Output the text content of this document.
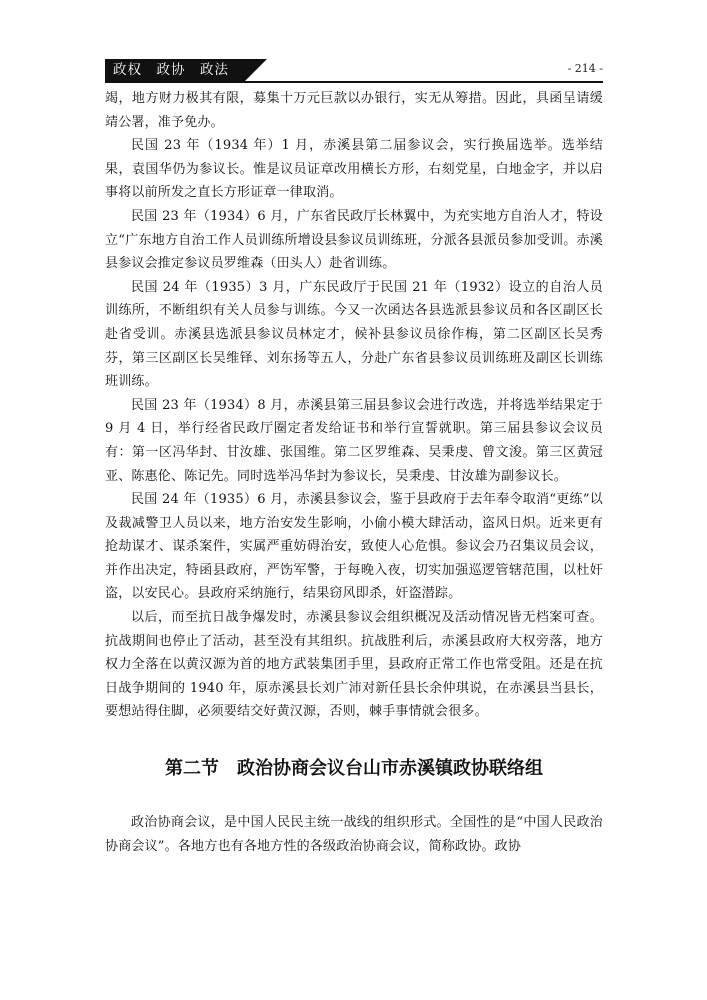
政权　政协　政法	- 214 -

竭，地方财力极其有限，募集十万元巨款以办银行，实无从筹措。因此，具函呈请缓靖公署，准予免办。

民国 23 年（1934 年）1 月，赤溪县第二届参议会，实行换届选举。选举结果，袁国华仍为参议长。惟是议员证章改用横长方形，右刻党星，白地金字，并以启事将以前所发之直长方形证章一律取消。

民国 23 年（1934）6 月，广东省民政厅长林翼中，为充实地方自治人才，特设立“广东地方自治工作人员训练所增设县参议员训练班，分派各县派员参加受训。赤溪县参议会推定参议员罗维森（田头人）赴省训练。

民国 24 年（1935）3 月，广东民政厅于民国 21 年（1932）设立的自治人员训练所，不断组织有关人员参与训练。今又一次函达各县选派县参议员和各区副区长赴省受训。赤溪县选派县参议员林定才，候补县参议员徐作梅，第二区副区长吴秀芬，第三区副区长吴维铎、刘东扬等五人，分赴广东省县参议员训练班及副区长训练班训练。

民国 23 年（1934）8 月，赤溪县第三届县参议会进行改选，并将选举结果定于 9 月 4 日，举行经省民政厅圈定者发给证书和举行宣誓就职。第三届县参议会议员有：第一区冯华封、甘汝雄、张国维。第二区罗维森、吴秉虔、曾文浚。第三区黄冠亚、陈惠伦、陈记先。同时选举冯华封为参议长，吴秉虔、甘汝雄为副参议长。

民国 24 年（1935）6 月，赤溪县参议会，鉴于县政府于去年奉令取消“更练”以及裁减警卫人员以来，地方治安发生影响，小偷小模大肆活动，盗风日炽。近来更有抢劫谋才、谋杀案件，实属严重妨碍治安，致使人心危惧。参议会乃召集议员会议，并作出决定，特函县政府，严饬军警，于每晚入夜，切实加强巡逻管辖范围，以杜奸盗，以安民心。县政府采纳施行，结果窃风即杀，奸盗潜踪。

以后，而至抗日战争爆发时，赤溪县参议会组织概况及活动情况皆无档案可查。抗战期间也停止了活动，甚至没有其组织。抗战胜利后，赤溪县政府大权旁落，地方权力全落在以黄汉源为首的地方武装集团手里，县政府正常工作也常受阻。还是在抗日战争期间的 1940 年，原赤溪县长刘广沛对新任县长余仲琪说，在赤溪县当县长，要想站得住脚，必须要结交好黄汉源，否则，棘手事情就会很多。

第二节　政治协商会议台山市赤溪镇政协联络组

政治协商会议，是中国人民民主统一战线的组织形式。全国性的是“中国人民政治协商会议”。各地方也有各地方性的各级政治协商会议，简称政协。政协
